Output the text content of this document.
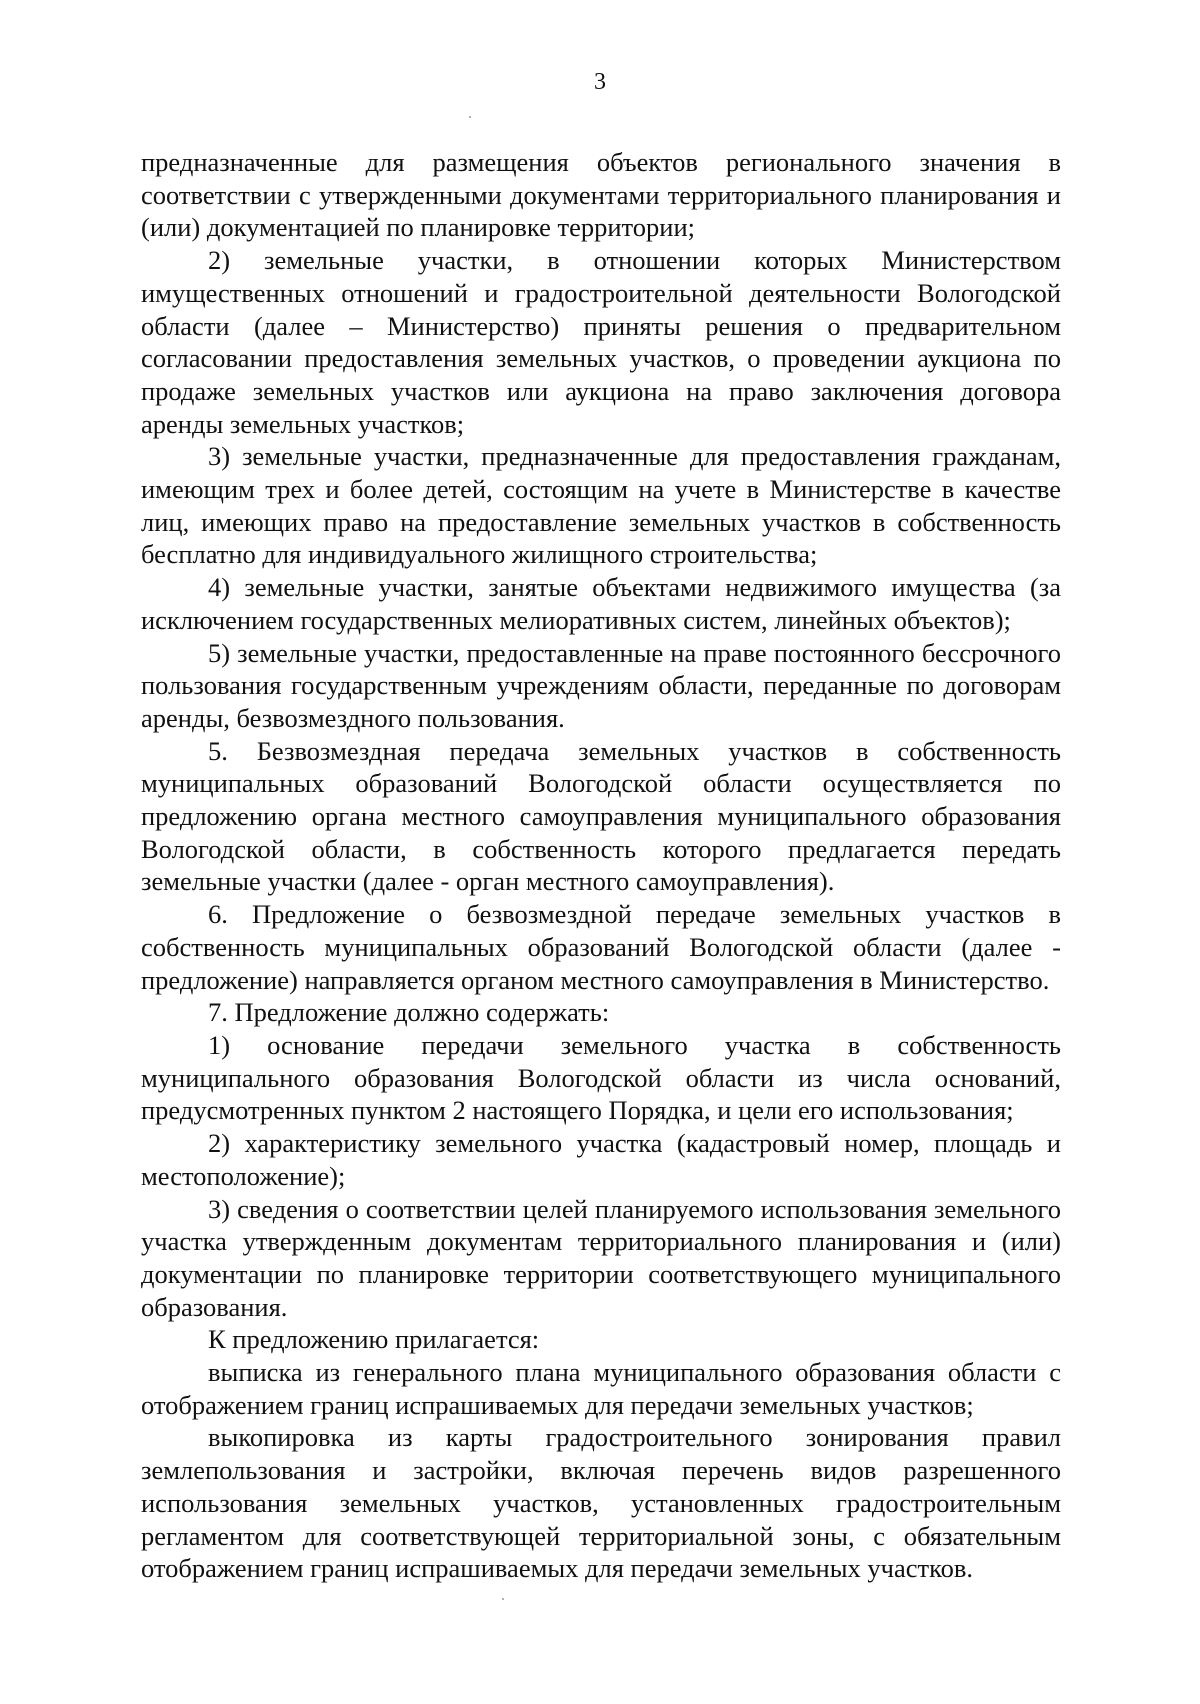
3

предназначенные для размещения объектов регионального значения в соответствии с утвержденными документами территориального планирования и (или) документацией по планировке территории;

2) земельные участки, в отношении которых Министерством имущественных отношений и градостроительной деятельности Вологодской области (далее – Министерство) приняты решения о предварительном согласовании предоставления земельных участков, о проведении аукциона по продаже земельных участков или аукциона на право заключения договора аренды земельных участков;

3) земельные участки, предназначенные для предоставления гражданам, имеющим трех и более детей, состоящим на учете в Министерстве в качестве лиц, имеющих право на предоставление земельных участков в собственность бесплатно для индивидуального жилищного строительства;

4) земельные участки, занятые объектами недвижимого имущества (за исключением государственных мелиоративных систем, линейных объектов);

5) земельные участки, предоставленные на праве постоянного бессрочного пользования государственным учреждениям области, переданные по договорам аренды, безвозмездного пользования.

5. Безвозмездная передача земельных участков в собственность муниципальных образований Вологодской области осуществляется по предложению органа местного самоуправления муниципального образования Вологодской области, в собственность которого предлагается передать земельные участки (далее - орган местного самоуправления).

6. Предложение о безвозмездной передаче земельных участков в собственность муниципальных образований Вологодской области (далее - предложение) направляется органом местного самоуправления в Министерство.

7. Предложение должно содержать:

1) основание передачи земельного участка в собственность муниципального образования Вологодской области из числа оснований, предусмотренных пунктом 2 настоящего Порядка, и цели его использования;

2) характеристику земельного участка (кадастровый номер, площадь и местоположение);

3) сведения о соответствии целей планируемого использования земельного участка утвержденным документам территориального планирования и (или) документации по планировке территории соответствующего муниципального образования.

К предложению прилагается:

выписка из генерального плана муниципального образования области с отображением границ испрашиваемых для передачи земельных участков;

выкопировка из карты градостроительного зонирования правил землепользования и застройки, включая перечень видов разрешенного использования земельных участков, установленных градостроительным регламентом для соответствующей территориальной зоны, с обязательным отображением границ испрашиваемых для передачи земельных участков.
